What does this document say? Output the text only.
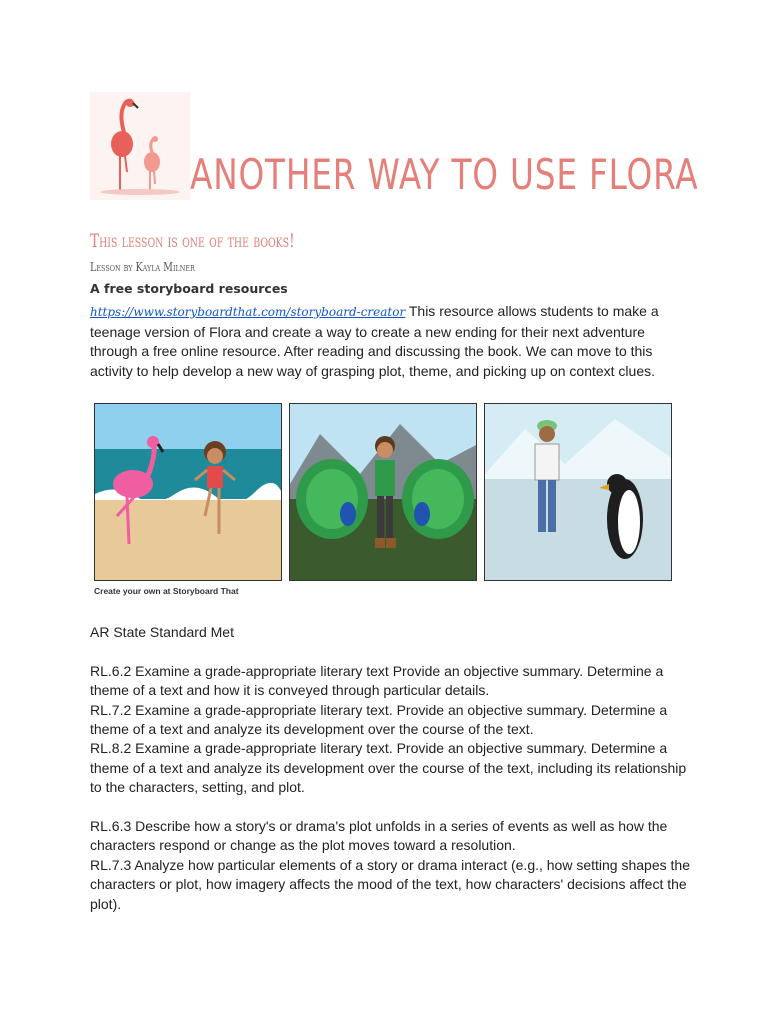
ANOTHER WAY TO USE FLORA
This lesson is one of the books!
Lesson by Kayla Milner
A free storyboard resources
https://www.storyboardthat.com/storyboard-creator This resource allows students to make a teenage version of Flora and create a way to create a new ending for their next adventure through a free online resource. After reading and discussing the book. We can move to this activity to help develop a new way of grasping plot, theme, and picking up on context clues.
Create your own at Storyboard That

AR State Standard Met

RL.6.2 Examine a grade-appropriate literary text Provide an objective summary. Determine a theme of a text and how it is conveyed through particular details.

RL.7.2 Examine a grade-appropriate literary text. Provide an objective summary. Determine a theme of a text and analyze its development over the course of the text.

RL.8.2 Examine a grade-appropriate literary text. Provide an objective summary. Determine a theme of a text and analyze its development over the course of the text, including its relationship to the characters, setting, and plot.

RL.6.3 Describe how a story's or drama's plot unfolds in a series of events as well as how the characters respond or change as the plot moves toward a resolution.

RL.7.3 Analyze how particular elements of a story or drama interact (e.g., how setting shapes the characters or plot, how imagery affects the mood of the text, how characters' decisions affect the plot).
